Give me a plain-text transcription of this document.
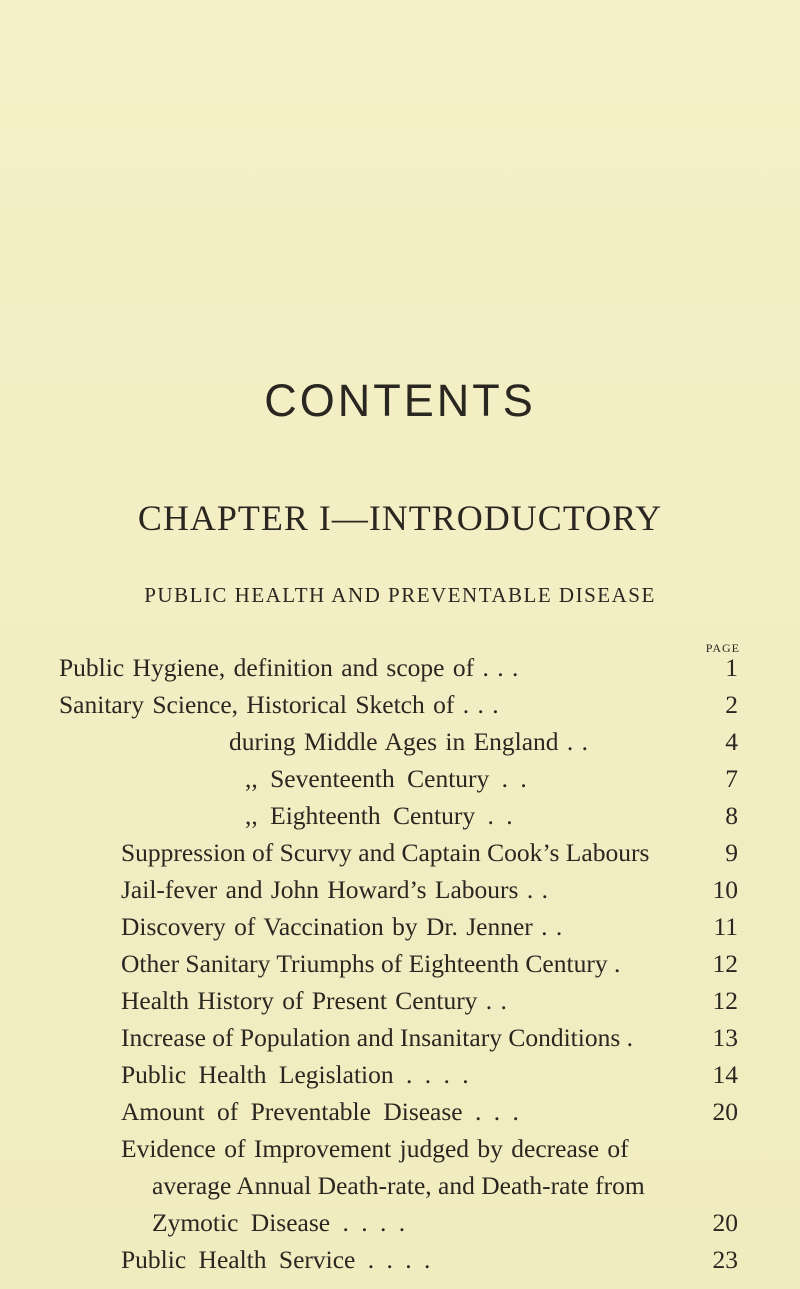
CONTENTS
CHAPTER I—INTRODUCTORY
PUBLIC HEALTH AND PREVENTABLE DISEASE
PAGE
Public Hygiene, definition and scope of . . .	1
Sanitary Science, Historical Sketch of . . .	2
during Middle Ages in England . .	4
,, Seventeenth Century . .	7
,, Eighteenth Century . .	8
Suppression of Scurvy and Captain Cook’s Labours	9
Jail-fever and John Howard’s Labours . .	10
Discovery of Vaccination by Dr. Jenner . .	11
Other Sanitary Triumphs of Eighteenth Century .	12
Health History of Present Century . .	12
Increase of Population and Insanitary Conditions .	13
Public Health Legislation . . . .	14
Amount of Preventable Disease . . .	20
Evidence of Improvement judged by decrease of
average Annual Death-rate, and Death-rate from
Zymotic Disease . . . .	20
Public Health Service . . . .	23
